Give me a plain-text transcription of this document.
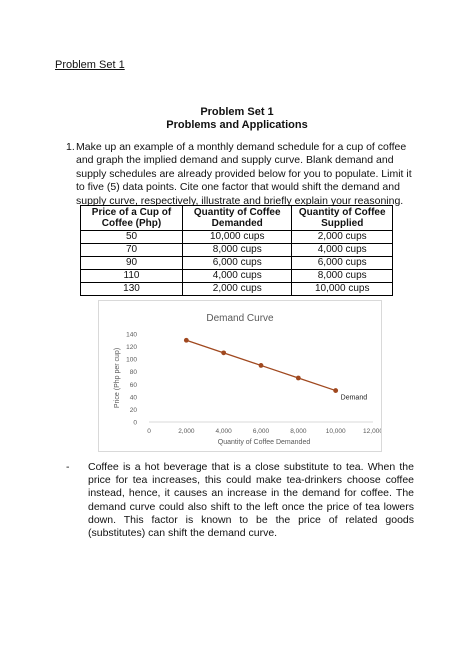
Problem Set 1
Problem Set 1
Problems and Applications
1. Make up an example of a monthly demand schedule for a cup of coffee and graph the implied demand and supply curve. Blank demand and supply schedules are already provided below for you to populate. Limit it to five (5) data points. Cite one factor that would shift the demand and supply curve, respectively, illustrate and briefly explain your reasoning.
Price of a Cup of Coffee (Php)	Quantity of Coffee Demanded	Quantity of Coffee Supplied
50	10,000 cups	2,000 cups
70	8,000 cups	4,000 cups
90	6,000 cups	6,000 cups
110	4,000 cups	8,000 cups
130	2,000 cups	10,000 cups
Demand Curve
Price (Php per cup)
Quantity of Coffee Demanded
0
20
40
60
80
100
120
140
0	2,000	4,000	6,000	8,000	10,000	12,000
Demand
- Coffee is a hot beverage that is a close substitute to tea. When the price for tea increases, this could make tea-drinkers choose coffee instead, hence, it causes an increase in the demand for coffee. The demand curve could also shift to the left once the price of tea lowers down. This factor is known to be the price of related goods (substitutes) can shift the demand curve.
